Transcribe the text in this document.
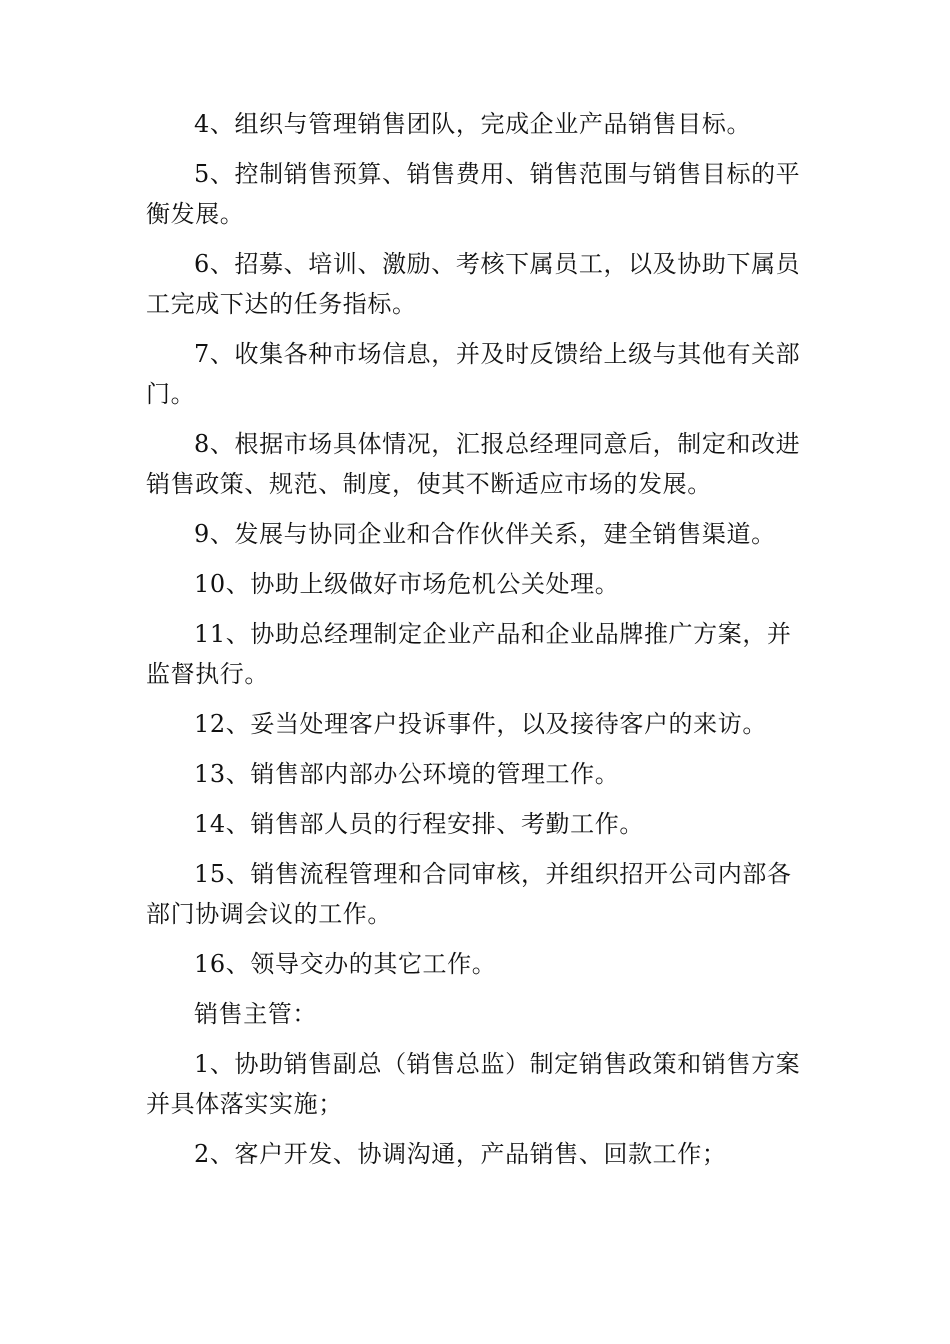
4、组织与管理销售团队，完成企业产品销售目标。

5、控制销售预算、销售费用、销售范围与销售目标的平衡发展。

6、招募、培训、激励、考核下属员工，以及协助下属员工完成下达的任务指标。

7、收集各种市场信息，并及时反馈给上级与其他有关部门。

8、根据市场具体情况，汇报总经理同意后，制定和改进销售政策、规范、制度，使其不断适应市场的发展。

9、发展与协同企业和合作伙伴关系，建全销售渠道。

10、协助上级做好市场危机公关处理。

11、协助总经理制定企业产品和企业品牌推广方案，并监督执行。

12、妥当处理客户投诉事件，以及接待客户的来访。

13、销售部内部办公环境的管理工作。

14、销售部人员的行程安排、考勤工作。

15、销售流程管理和合同审核，并组织招开公司内部各部门协调会议的工作。

16、领导交办的其它工作。

销售主管：

1、协助销售副总（销售总监）制定销售政策和销售方案并具体落实实施；

2、客户开发、协调沟通，产品销售、回款工作；
